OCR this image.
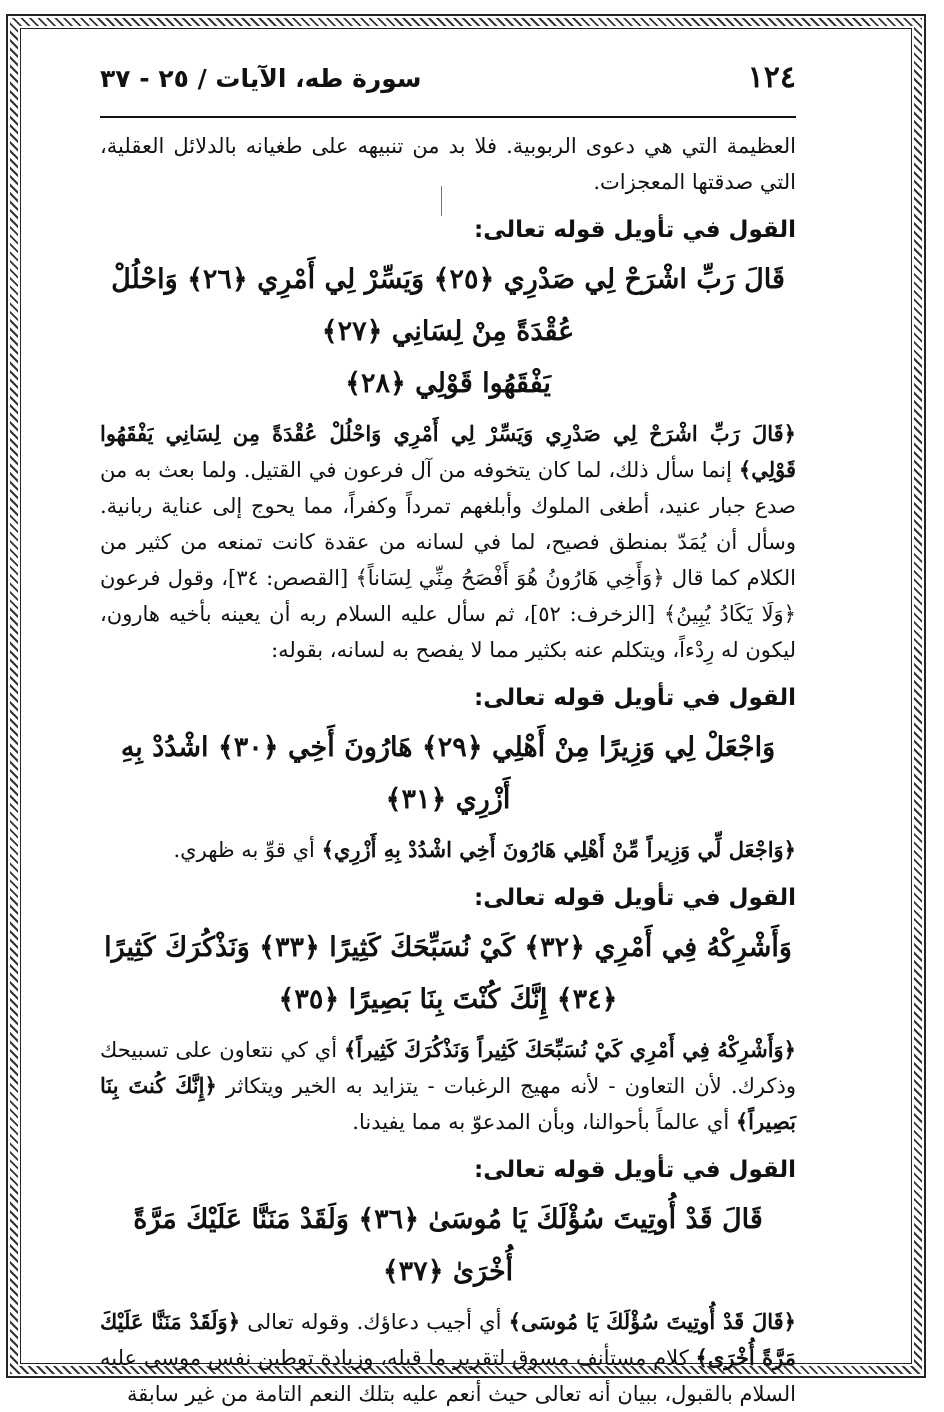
١٢٤
سورة طه، الآيات / ٢٥ - ٣٧

العظيمة التي هي دعوى الربوبية. فلا بد من تنبيهه على طغيانه بالدلائل العقلية، التي صدقتها المعجزات.

القول في تأويل قوله تعالى:
قَالَ رَبِّ اشْرَحْ لِي صَدْرِي ﴿٢٥﴾ وَيَسِّرْ لِي أَمْرِي ﴿٢٦﴾ وَاحْلُلْ عُقْدَةً مِنْ لِسَانِي ﴿٢٧﴾
يَفْقَهُوا قَوْلِي ﴿٢٨﴾

﴿قَالَ رَبِّ اشْرَحْ لِي صَدْرِي وَيَسِّرْ لِي أَمْرِي وَاحْلُلْ عُقْدَةً مِن لِسَانِي يَفْقَهُوا قَوْلِي﴾ إنما سأل ذلك، لما كان يتخوفه من آل فرعون في القتيل. ولما بعث به من صدع جبار عنيد، أطغى الملوك وأبلغهم تمرداً وكفراً، مما يحوج إلى عناية ربانية. وسأل أن يُمَدّ بمنطق فصيح، لما في لسانه من عقدة كانت تمنعه من كثير من الكلام كما قال ﴿وَأَخِي هَارُونُ هُوَ أَفْصَحُ مِنِّي لِسَاناً﴾ [القصص: ٣٤]، وقول فرعون ﴿وَلَا يَكَادُ يُبِينُ﴾ [الزخرف: ٥٢]، ثم سأل عليه السلام ربه أن يعينه بأخيه هارون، ليكون له رِدْءاً، ويتكلم عنه بكثير مما لا يفصح به لسانه، بقوله:

القول في تأويل قوله تعالى:
وَاجْعَلْ لِي وَزِيرًا مِنْ أَهْلِي ﴿٢٩﴾ هَارُونَ أَخِي ﴿٣٠﴾ اشْدُدْ بِهِ أَزْرِي ﴿٣١﴾

﴿وَاجْعَل لِّي وَزِيراً مِّنْ أَهْلِي هَارُونَ أَخِي اشْدُدْ بِهِ أَزْرِي﴾ أي قوِّ به ظهري.

القول في تأويل قوله تعالى:
وَأَشْرِكْهُ فِي أَمْرِي ﴿٣٢﴾ كَيْ نُسَبِّحَكَ كَثِيرًا ﴿٣٣﴾ وَنَذْكُرَكَ كَثِيرًا ﴿٣٤﴾ إِنَّكَ كُنْتَ بِنَا بَصِيرًا ﴿٣٥﴾

﴿وَأَشْرِكْهُ فِي أَمْرِي كَيْ نُسَبِّحَكَ كَثِيراً وَنَذْكُرَكَ كَثِيراً﴾ أي كي نتعاون على تسبيحك وذكرك. لأن التعاون - لأنه مهيج الرغبات - يتزايد به الخير ويتكاثر ﴿إِنَّكَ كُنتَ بِنَا بَصِيراً﴾ أي عالماً بأحوالنا، وبأن المدعوّ به مما يفيدنا.

القول في تأويل قوله تعالى:
قَالَ قَدْ أُوتِيتَ سُؤْلَكَ يَا مُوسَىٰ ﴿٣٦﴾ وَلَقَدْ مَنَنَّا عَلَيْكَ مَرَّةً أُخْرَىٰ ﴿٣٧﴾

﴿قَالَ قَدْ أُوتِيتَ سُؤْلَكَ يَا مُوسَى﴾ أي أجيب دعاؤك. وقوله تعالى ﴿وَلَقَدْ مَنَنَّا عَلَيْكَ مَرَّةً أُخْرَى﴾ كلام مستأنف مسوق لتقرير ما قبله، وزيادة توطين نفس موسى عليه السلام بالقبول، ببيان أنه تعالى حيث أنعم عليه بتلك النعم التامة من غير سابقة
